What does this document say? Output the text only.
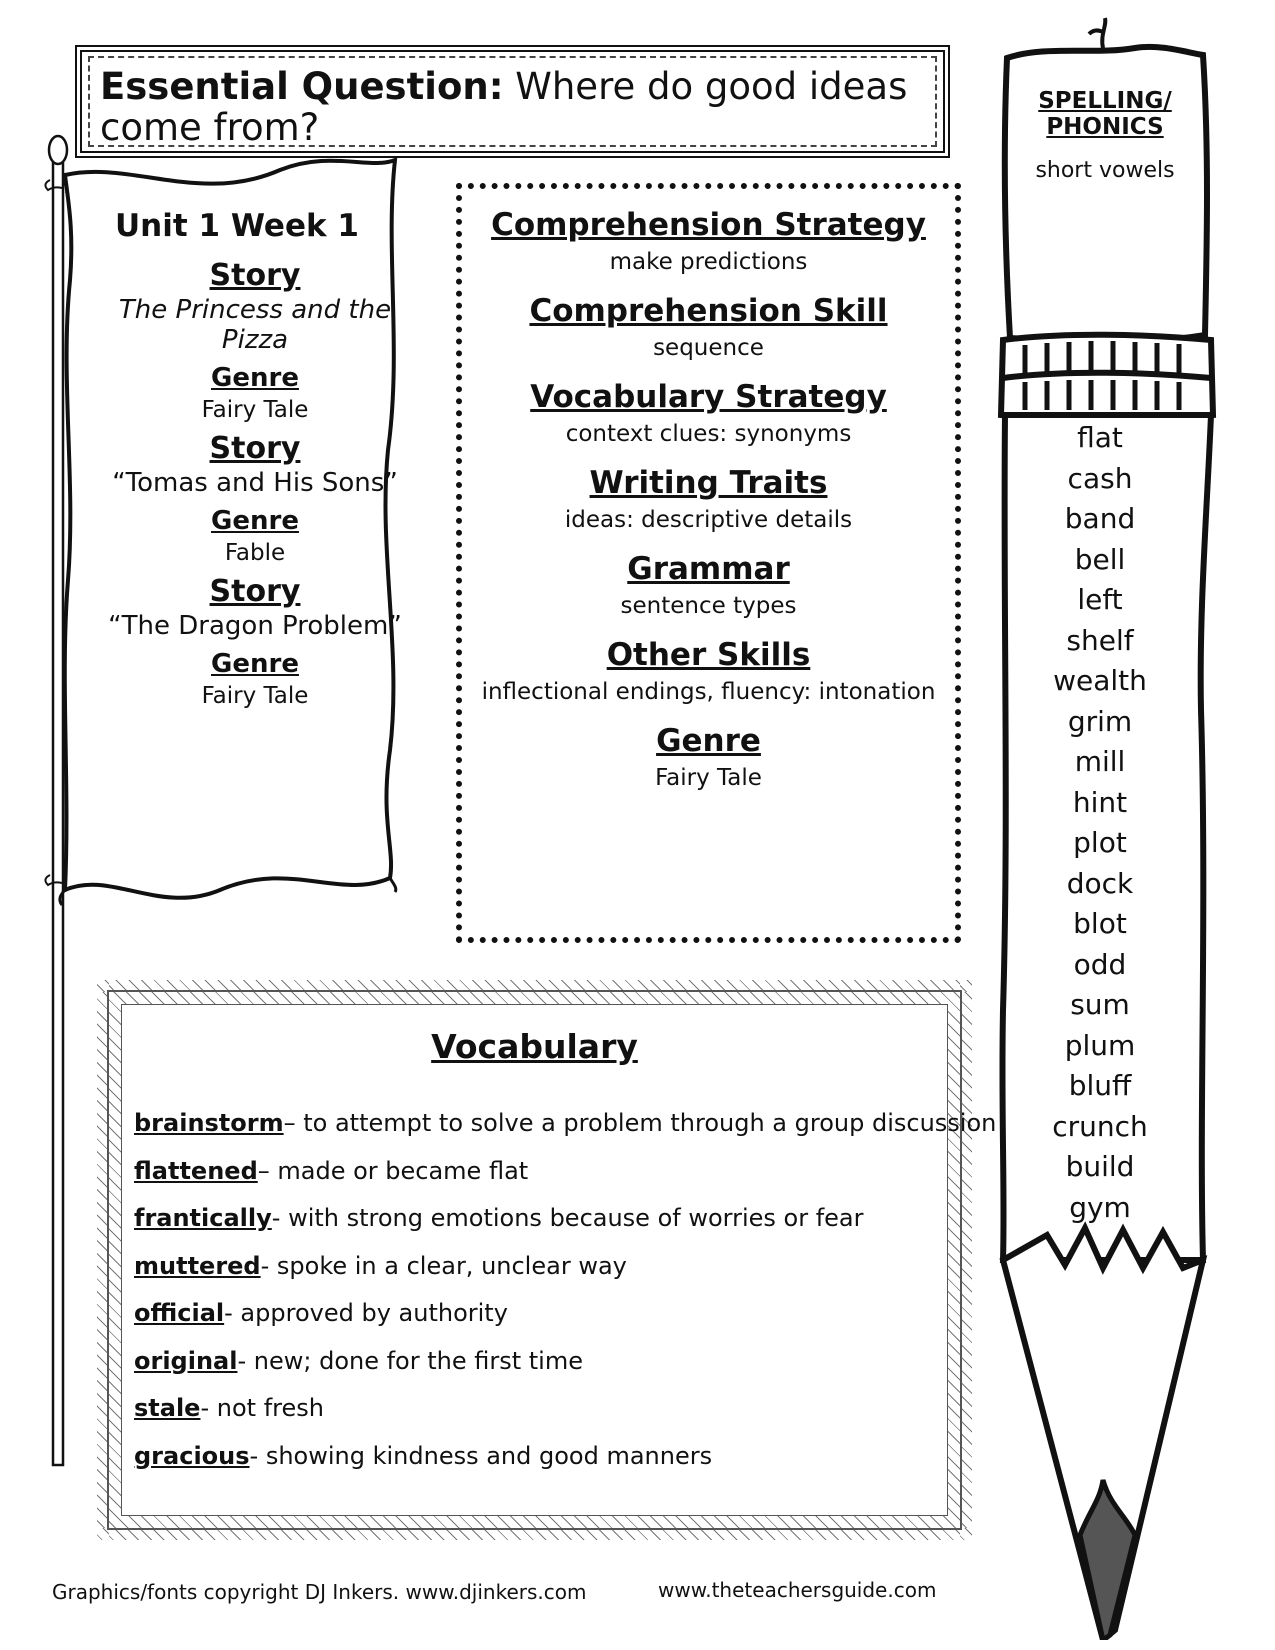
Essential Question: Where do good ideas come from?
Unit 1 Week 1
Story
The Princess and the Pizza
Genre
Fairy Tale
Story
“Tomas and His Sons”
Genre
Fable
Story
“The Dragon Problem”
Genre
Fairy Tale
Comprehension Strategy
make predictions
Comprehension Skill
sequence
Vocabulary Strategy
context clues: synonyms
Writing Traits
ideas: descriptive details
Grammar
sentence types
Other Skills
inflectional endings, fluency: intonation
Genre
Fairy Tale
Vocabulary
brainstorm– to attempt to solve a problem through a group discussion
flattened– made or became flat
frantically- with strong emotions because of worries or fear
muttered- spoke in a clear, unclear way
official- approved by authority
original- new; done for the first time
stale- not fresh
gracious- showing kindness and good manners
SPELLING/
PHONICS
short vowels
flat
cash
band
bell
left
shelf
wealth
grim
mill
hint
plot
dock
blot
odd
sum
plum
bluff
crunch
build
gym
Graphics/fonts copyright DJ Inkers. www.djinkers.com	www.theteachersguide.com
